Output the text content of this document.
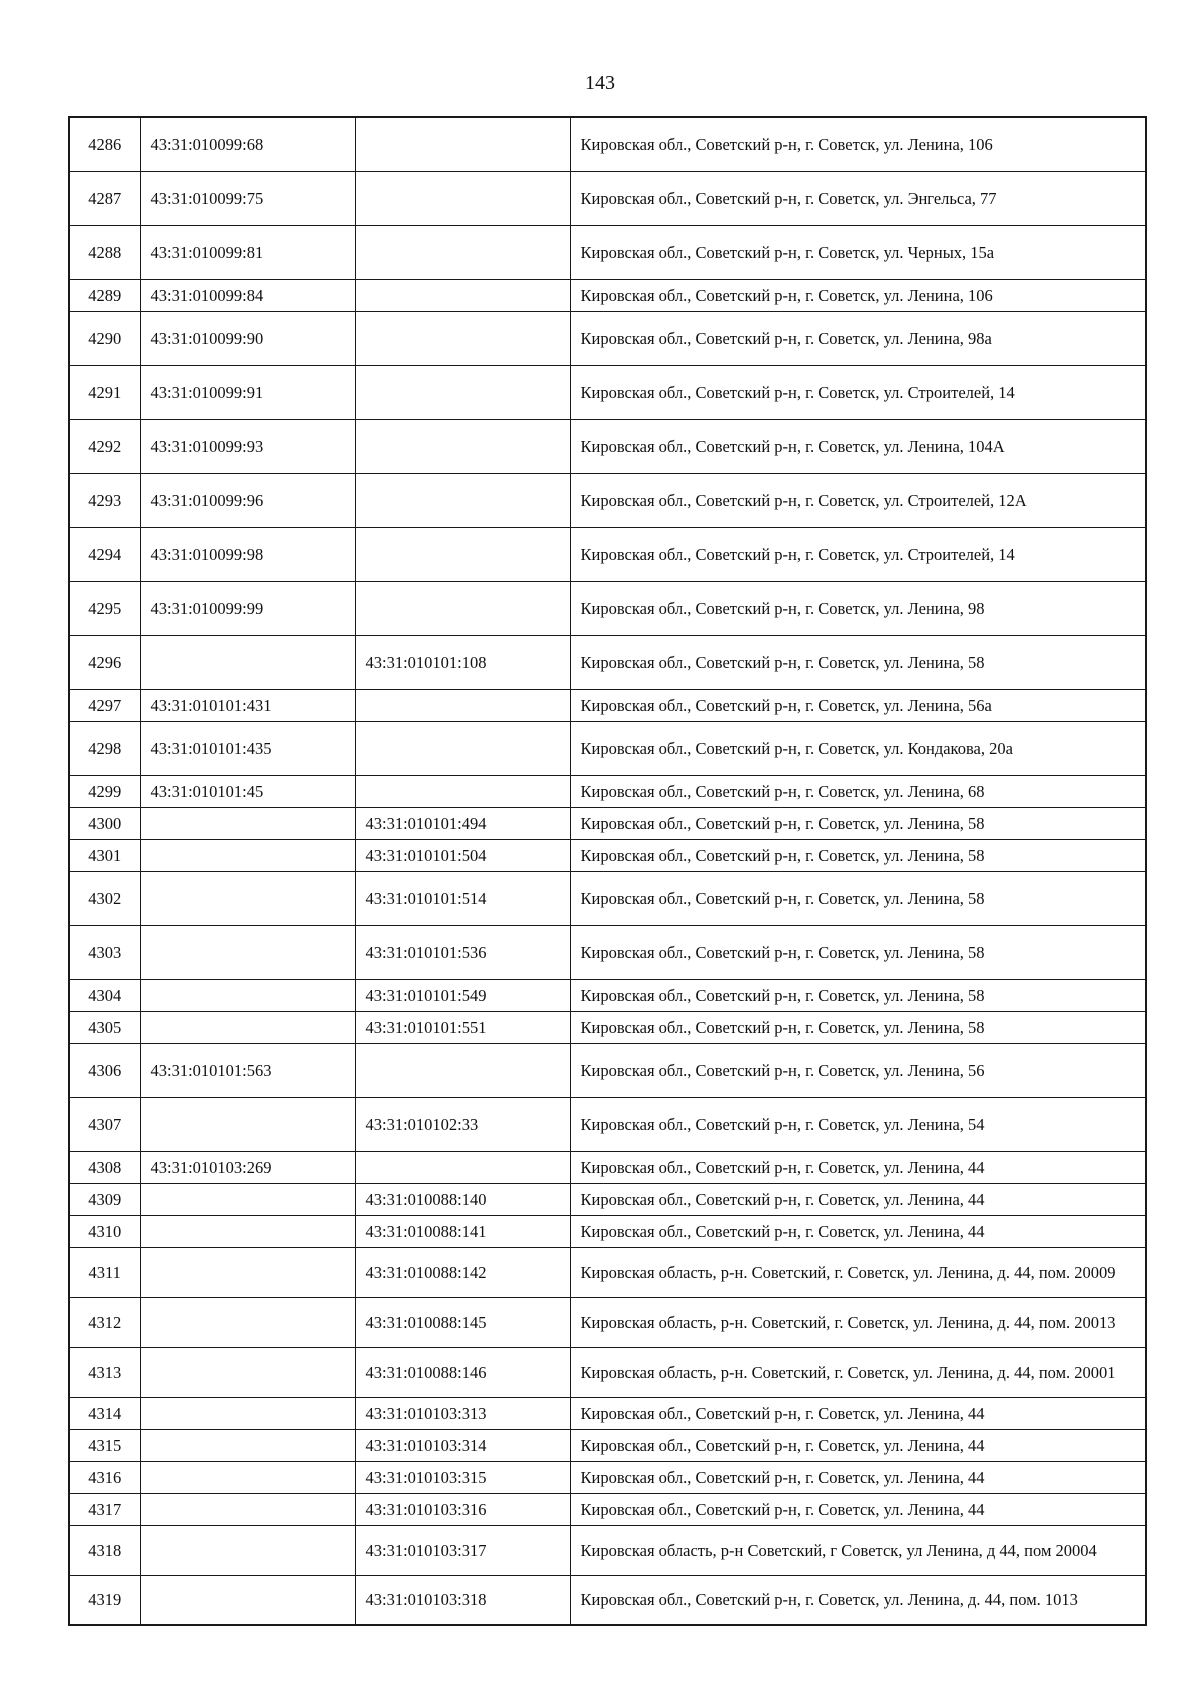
143
4286	43:31:010099:68		Кировская обл., Советский р-н, г. Советск, ул. Ленина, 106
4287	43:31:010099:75		Кировская обл., Советский р-н, г. Советск, ул. Энгельса, 77
4288	43:31:010099:81		Кировская обл., Советский р-н, г. Советск, ул. Черных, 15а
4289	43:31:010099:84		Кировская обл., Советский р-н, г. Советск, ул. Ленина, 106
4290	43:31:010099:90		Кировская обл., Советский р-н, г. Советск, ул. Ленина, 98а
4291	43:31:010099:91		Кировская обл., Советский р-н, г. Советск, ул. Строителей, 14
4292	43:31:010099:93		Кировская обл., Советский р-н, г. Советск, ул. Ленина, 104А
4293	43:31:010099:96		Кировская обл., Советский р-н, г. Советск, ул. Строителей, 12А
4294	43:31:010099:98		Кировская обл., Советский р-н, г. Советск, ул. Строителей, 14
4295	43:31:010099:99		Кировская обл., Советский р-н, г. Советск, ул. Ленина, 98
4296		43:31:010101:108	Кировская обл., Советский р-н, г. Советск, ул. Ленина, 58
4297	43:31:010101:431		Кировская обл., Советский р-н, г. Советск, ул. Ленина, 56а
4298	43:31:010101:435		Кировская обл., Советский р-н, г. Советск, ул. Кондакова, 20а
4299	43:31:010101:45		Кировская обл., Советский р-н, г. Советск, ул. Ленина, 68
4300		43:31:010101:494	Кировская обл., Советский р-н, г. Советск, ул. Ленина, 58
4301		43:31:010101:504	Кировская обл., Советский р-н, г. Советск, ул. Ленина, 58
4302		43:31:010101:514	Кировская обл., Советский р-н, г. Советск, ул. Ленина, 58
4303		43:31:010101:536	Кировская обл., Советский р-н, г. Советск, ул. Ленина, 58
4304		43:31:010101:549	Кировская обл., Советский р-н, г. Советск, ул. Ленина, 58
4305		43:31:010101:551	Кировская обл., Советский р-н, г. Советск, ул. Ленина, 58
4306	43:31:010101:563		Кировская обл., Советский р-н, г. Советск, ул. Ленина, 56
4307		43:31:010102:33	Кировская обл., Советский р-н, г. Советск, ул. Ленина, 54
4308	43:31:010103:269		Кировская обл., Советский р-н, г. Советск, ул. Ленина, 44
4309		43:31:010088:140	Кировская обл., Советский р-н, г. Советск, ул. Ленина, 44
4310		43:31:010088:141	Кировская обл., Советский р-н, г. Советск, ул. Ленина, 44
4311		43:31:010088:142	Кировская область, р-н. Советский, г. Советск, ул. Ленина, д. 44, пом. 20009
4312		43:31:010088:145	Кировская область, р-н. Советский, г. Советск, ул. Ленина, д. 44, пом. 20013
4313		43:31:010088:146	Кировская область, р-н. Советский, г. Советск, ул. Ленина, д. 44, пом. 20001
4314		43:31:010103:313	Кировская обл., Советский р-н, г. Советск, ул. Ленина, 44
4315		43:31:010103:314	Кировская обл., Советский р-н, г. Советск, ул. Ленина, 44
4316		43:31:010103:315	Кировская обл., Советский р-н, г. Советск, ул. Ленина, 44
4317		43:31:010103:316	Кировская обл., Советский р-н, г. Советск, ул. Ленина, 44
4318		43:31:010103:317	Кировская область, р-н Советский, г Советск, ул Ленина, д 44, пом 20004
4319		43:31:010103:318	Кировская обл., Советский р-н, г. Советск, ул. Ленина, д. 44, пом. 1013
